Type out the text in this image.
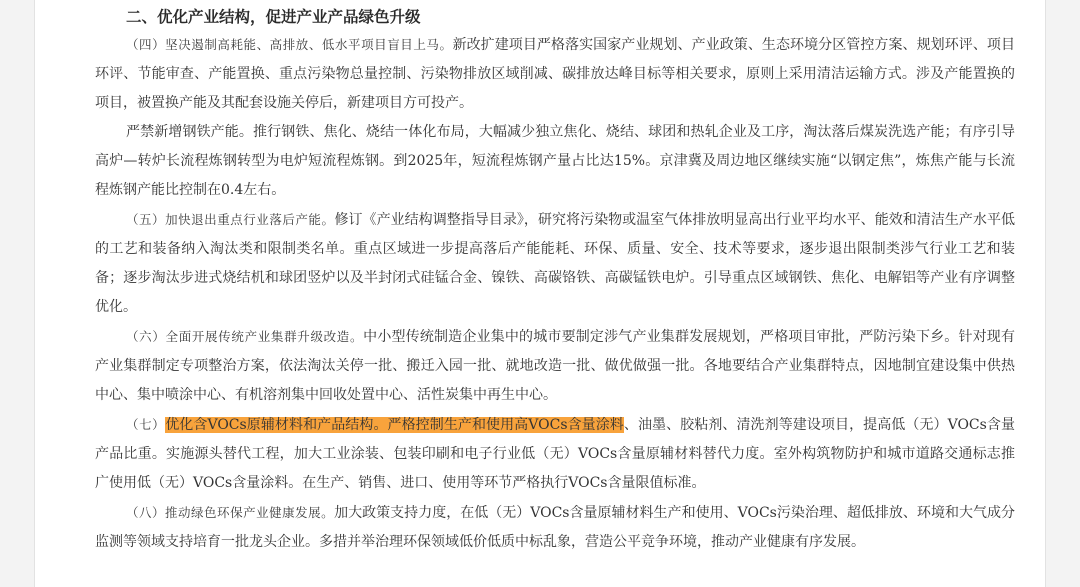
二、优化产业结构，促进产业产品绿色升级

（四）坚决遏制高耗能、高排放、低水平项目盲目上马。新改扩建项目严格落实国家产业规划、产业政策、生态环境分区管控方案、规划环评、项目环评、节能审查、产能置换、重点污染物总量控制、污染物排放区域削减、碳排放达峰目标等相关要求，原则上采用清洁运输方式。涉及产能置换的项目，被置换产能及其配套设施关停后，新建项目方可投产。

严禁新增钢铁产能。推行钢铁、焦化、烧结一体化布局，大幅减少独立焦化、烧结、球团和热轧企业及工序，淘汰落后煤炭洗选产能；有序引导高炉—转炉长流程炼钢转型为电炉短流程炼钢。到2025年，短流程炼钢产量占比达15%。京津冀及周边地区继续实施“以钢定焦”，炼焦产能与长流程炼钢产能比控制在0.4左右。

（五）加快退出重点行业落后产能。修订《产业结构调整指导目录》，研究将污染物或温室气体排放明显高出行业平均水平、能效和清洁生产水平低的工艺和装备纳入淘汰类和限制类名单。重点区域进一步提高落后产能能耗、环保、质量、安全、技术等要求，逐步退出限制类涉气行业工艺和装备；逐步淘汰步进式烧结机和球团竖炉以及半封闭式硅锰合金、镍铁、高碳铬铁、高碳锰铁电炉。引导重点区域钢铁、焦化、电解铝等产业有序调整优化。

（六）全面开展传统产业集群升级改造。中小型传统制造企业集中的城市要制定涉气产业集群发展规划，严格项目审批，严防污染下乡。针对现有产业集群制定专项整治方案，依法淘汰关停一批、搬迁入园一批、就地改造一批、做优做强一批。各地要结合产业集群特点，因地制宜建设集中供热中心、集中喷涂中心、有机溶剂集中回收处置中心、活性炭集中再生中心。

（七）优化含VOCs原辅材料和产品结构。严格控制生产和使用高VOCs含量涂料、油墨、胶粘剂、清洗剂等建设项目，提高低（无）VOCs含量产品比重。实施源头替代工程，加大工业涂装、包装印刷和电子行业低（无）VOCs含量原辅材料替代力度。室外构筑物防护和城市道路交通标志推广使用低（无）VOCs含量涂料。在生产、销售、进口、使用等环节严格执行VOCs含量限值标准。

（八）推动绿色环保产业健康发展。加大政策支持力度，在低（无）VOCs含量原辅材料生产和使用、VOCs污染治理、超低排放、环境和大气成分监测等领域支持培育一批龙头企业。多措并举治理环保领域低价低质中标乱象，营造公平竞争环境，推动产业健康有序发展。
